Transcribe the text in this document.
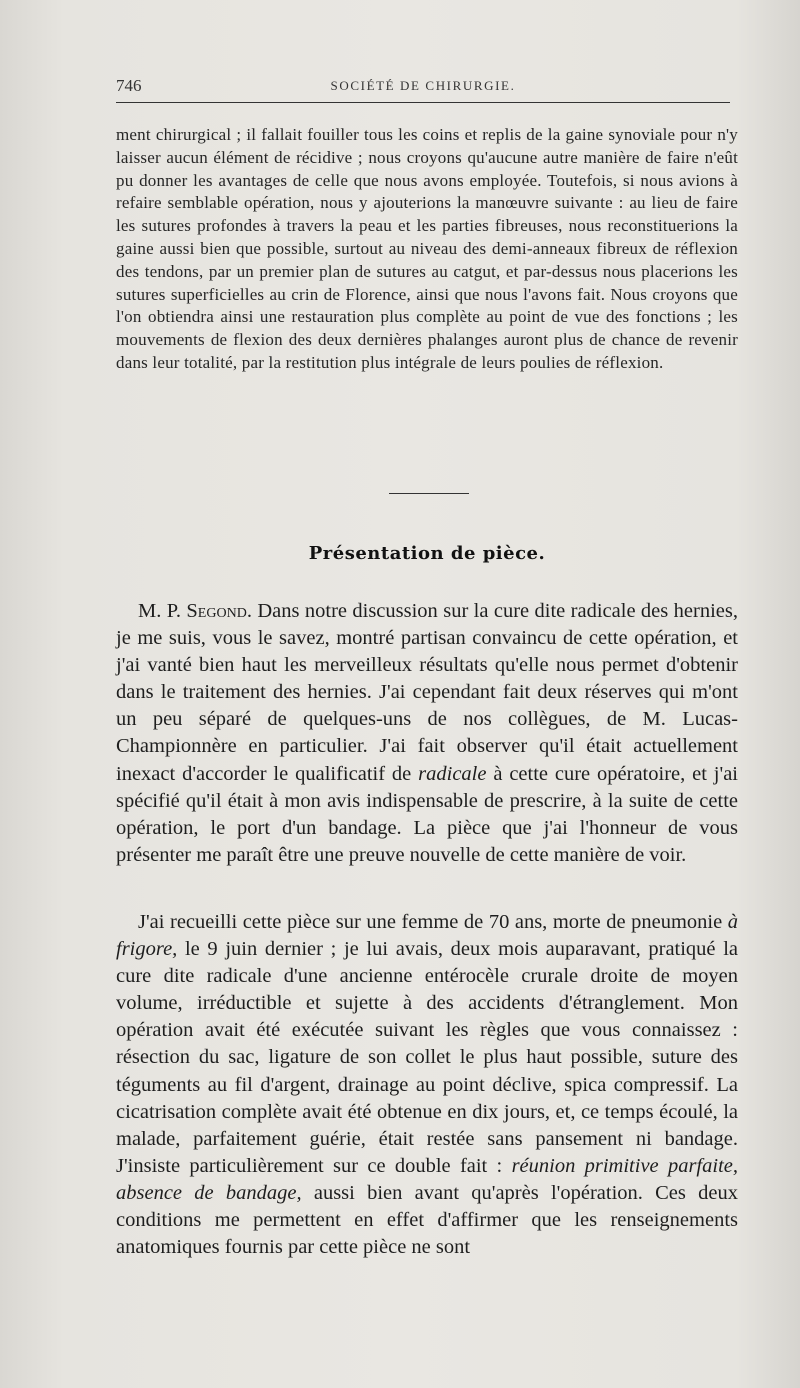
746	SOCIÉTÉ DE CHIRURGIE.

ment chirurgical ; il fallait fouiller tous les coins et replis de la gaine synoviale pour n'y laisser aucun élément de récidive ; nous croyons qu'aucune autre manière de faire n'eût pu donner les avantages de celle que nous avons employée. Toutefois, si nous avions à refaire semblable opération, nous y ajouterions la manœuvre suivante : au lieu de faire les sutures profondes à travers la peau et les parties fibreuses, nous reconstituerions la gaine aussi bien que possible, surtout au niveau des demi-anneaux fibreux de réflexion des tendons, par un premier plan de sutures au catgut, et par-dessus nous placerions les sutures superficielles au crin de Florence, ainsi que nous l'avons fait. Nous croyons que l'on obtiendra ainsi une restauration plus complète au point de vue des fonctions ; les mouvements de flexion des deux dernières phalanges auront plus de chance de revenir dans leur totalité, par la restitution plus intégrale de leurs poulies de réflexion.

Présentation de pièce.

M. P. Segond. Dans notre discussion sur la cure dite radicale des hernies, je me suis, vous le savez, montré partisan convaincu de cette opération, et j'ai vanté bien haut les merveilleux résultats qu'elle nous permet d'obtenir dans le traitement des hernies. J'ai cependant fait deux réserves qui m'ont un peu séparé de quelques-uns de nos collègues, de M. Lucas-Championnère en particulier. J'ai fait observer qu'il était actuellement inexact d'accorder le qualificatif de radicale à cette cure opératoire, et j'ai spécifié qu'il était à mon avis indispensable de prescrire, à la suite de cette opération, le port d'un bandage. La pièce que j'ai l'honneur de vous présenter me paraît être une preuve nouvelle de cette manière de voir.

J'ai recueilli cette pièce sur une femme de 70 ans, morte de pneumonie à frigore, le 9 juin dernier ; je lui avais, deux mois auparavant, pratiqué la cure dite radicale d'une ancienne entérocèle crurale droite de moyen volume, irréductible et sujette à des accidents d'étranglement. Mon opération avait été exécutée suivant les règles que vous connaissez : résection du sac, ligature de son collet le plus haut possible, suture des téguments au fil d'argent, drainage au point déclive, spica compressif. La cicatrisation complète avait été obtenue en dix jours, et, ce temps écoulé, la malade, parfaitement guérie, était restée sans pansement ni bandage. J'insiste particulièrement sur ce double fait : réunion primitive parfaite, absence de bandage, aussi bien avant qu'après l'opération. Ces deux conditions me permettent en effet d'affirmer que les renseignements anatomiques fournis par cette pièce ne sont
